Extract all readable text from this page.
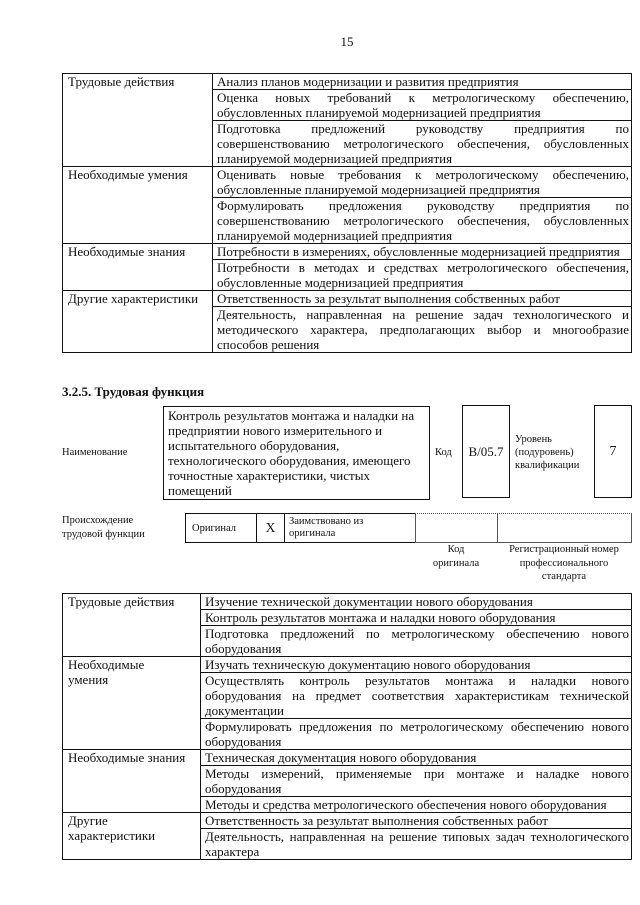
15
Трудовые действия	Анализ планов модернизации и развития предприятия
	Оценка новых требований к метрологическому обеспечению, обусловленных планируемой модернизацией предприятия
	Подготовка предложений руководству предприятия по совершенствованию метрологического обеспечения, обусловленных планируемой модернизацией предприятия
Необходимые умения	Оценивать новые требования к метрологическому обеспечению, обусловленные планируемой модернизацией предприятия
	Формулировать предложения руководству предприятия по совершенствованию метрологического обеспечения, обусловленных планируемой модернизацией предприятия
Необходимые знания	Потребности в измерениях, обусловленные модернизацией предприятия
	Потребности в методах и средствах метрологического обеспечения, обусловленные модернизацией предприятия
Другие характеристики	Ответственность за результат выполнения собственных работ
	Деятельность, направленная на решение задач технологического и методического характера, предполагающих выбор и многообразие способов решения
3.2.5. Трудовая функция
Наименование
Контроль результатов монтажа и наладки на предприятии нового измерительного и испытательного оборудования, технологического оборудования, имеющего точностные характеристики, чистых помещений
Код B/05.7
Уровень (подуровень) квалификации
7
Происхождение трудовой функции
Оригинал X Заимствовано из оригинала
Код оригинала
Регистрационный номер профессионального стандарта
Трудовые действия	Изучение технической документации нового оборудования
	Контроль результатов монтажа и наладки нового оборудования
	Подготовка предложений по метрологическому обеспечению нового оборудования

Необходимые умения	Изучать техническую документацию нового оборудования
	Осуществлять контроль результатов монтажа и наладки нового оборудования на предмет соответствия характеристикам технической документации
	Формулировать предложения по метрологическому обеспечению нового оборудования
Необходимые знания	Техническая документация нового оборудования
	Методы измерений, применяемые при монтаже и наладке нового оборудования
	Методы и средства метрологического обеспечения нового оборудования

Другие характеристики	Ответственность за результат выполнения собственных работ
	Деятельность, направленная на решение типовых задач технологического характера
